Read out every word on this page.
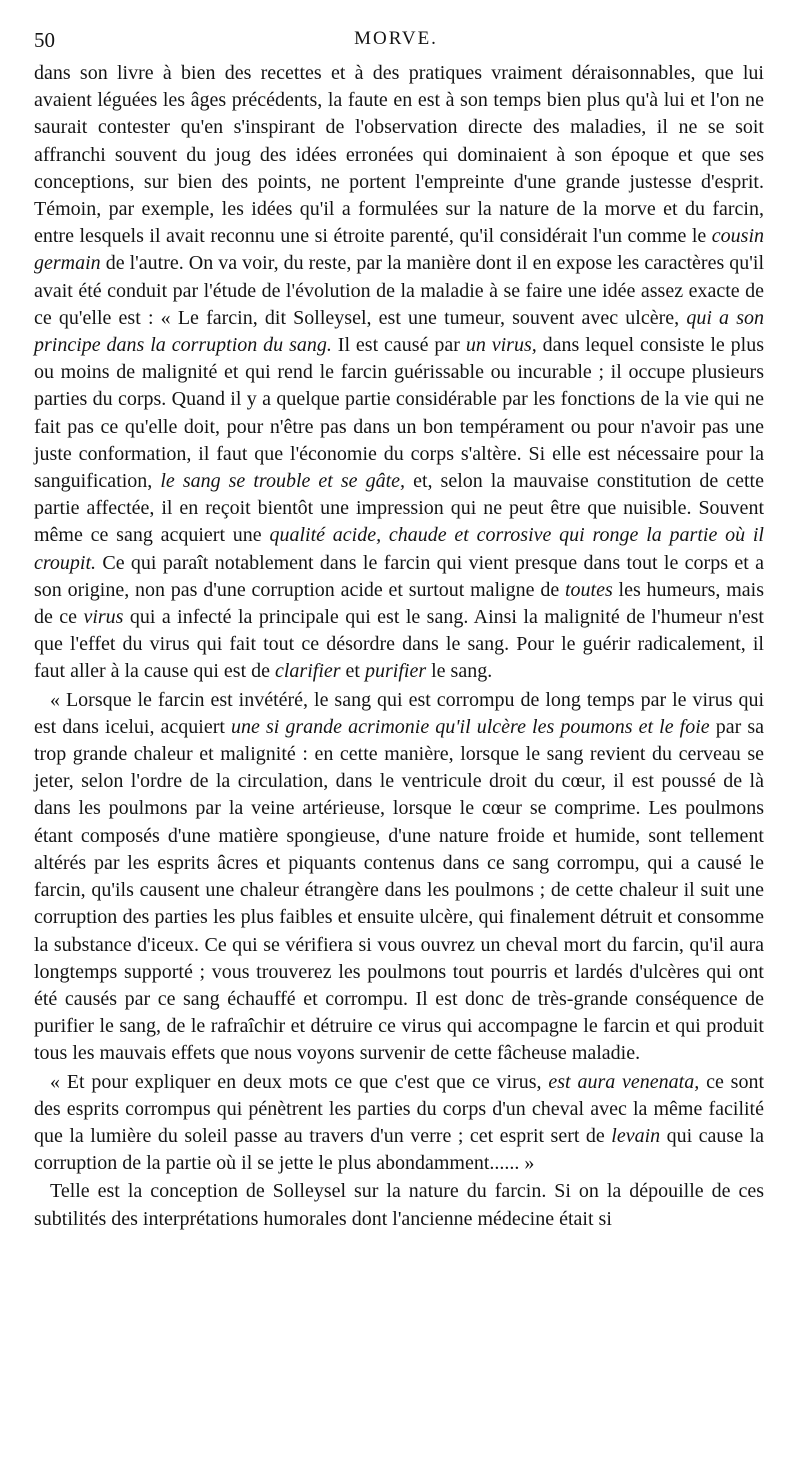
50	MORVE.

dans son livre à bien des recettes et à des pratiques vraiment déraisonnables, que lui avaient léguées les âges précédents, la faute en est à son temps bien plus qu'à lui et l'on ne saurait contester qu'en s'inspirant de l'observation directe des maladies, il ne se soit affranchi souvent du joug des idées erronées qui dominaient à son époque et que ses conceptions, sur bien des points, ne portent l'empreinte d'une grande justesse d'esprit. Témoin, par exemple, les idées qu'il a formulées sur la nature de la morve et du farcin, entre lesquels il avait reconnu une si étroite parenté, qu'il considérait l'un comme le cousin germain de l'autre. On va voir, du reste, par la manière dont il en expose les caractères qu'il avait été conduit par l'étude de l'évolution de la maladie à se faire une idée assez exacte de ce qu'elle est : « Le farcin, dit Solleysel, est une tumeur, souvent avec ulcère, qui a son principe dans la corruption du sang. Il est causé par un virus, dans lequel consiste le plus ou moins de malignité et qui rend le farcin guérissable ou incurable ; il occupe plusieurs parties du corps. Quand il y a quelque partie considérable par les fonctions de la vie qui ne fait pas ce qu'elle doit, pour n'être pas dans un bon tempérament ou pour n'avoir pas une juste conformation, il faut que l'économie du corps s'altère. Si elle est nécessaire pour la sanguification, le sang se trouble et se gâte, et, selon la mauvaise constitution de cette partie affectée, il en reçoit bientôt une impression qui ne peut être que nuisible. Souvent même ce sang acquiert une qualité acide, chaude et corrosive qui ronge la partie où il croupit. Ce qui paraît notablement dans le farcin qui vient presque dans tout le corps et a son origine, non pas d'une corruption acide et surtout maligne de toutes les humeurs, mais de ce virus qui a infecté la principale qui est le sang. Ainsi la malignité de l'humeur n'est que l'effet du virus qui fait tout ce désordre dans le sang. Pour le guérir radicalement, il faut aller à la cause qui est de clarifier et purifier le sang.

« Lorsque le farcin est invétéré, le sang qui est corrompu de long temps par le virus qui est dans icelui, acquiert une si grande acrimonie qu'il ulcère les poumons et le foie par sa trop grande chaleur et malignité : en cette manière, lorsque le sang revient du cerveau se jeter, selon l'ordre de la circulation, dans le ventricule droit du cœur, il est poussé de là dans les poulmons par la veine artérieuse, lorsque le cœur se comprime. Les poulmons étant composés d'une matière spongieuse, d'une nature froide et humide, sont tellement altérés par les esprits âcres et piquants contenus dans ce sang corrompu, qui a causé le farcin, qu'ils causent une chaleur étrangère dans les poulmons ; de cette chaleur il suit une corruption des parties les plus faibles et ensuite ulcère, qui finalement détruit et consomme la substance d'iceux. Ce qui se vérifiera si vous ouvrez un cheval mort du farcin, qu'il aura longtemps supporté ; vous trouverez les poulmons tout pourris et lardés d'ulcères qui ont été causés par ce sang échauffé et corrompu. Il est donc de très-grande conséquence de purifier le sang, de le rafraîchir et détruire ce virus qui accompagne le farcin et qui produit tous les mauvais effets que nous voyons survenir de cette fâcheuse maladie.

« Et pour expliquer en deux mots ce que c'est que ce virus, est aura venenata, ce sont des esprits corrompus qui pénètrent les parties du corps d'un cheval avec la même facilité que la lumière du soleil passe au travers d'un verre ; cet esprit sert de levain qui cause la corruption de la partie où il se jette le plus abondamment...... »

Telle est la conception de Solleysel sur la nature du farcin. Si on la dépouille de ces subtilités des interprétations humorales dont l'ancienne médecine était si
